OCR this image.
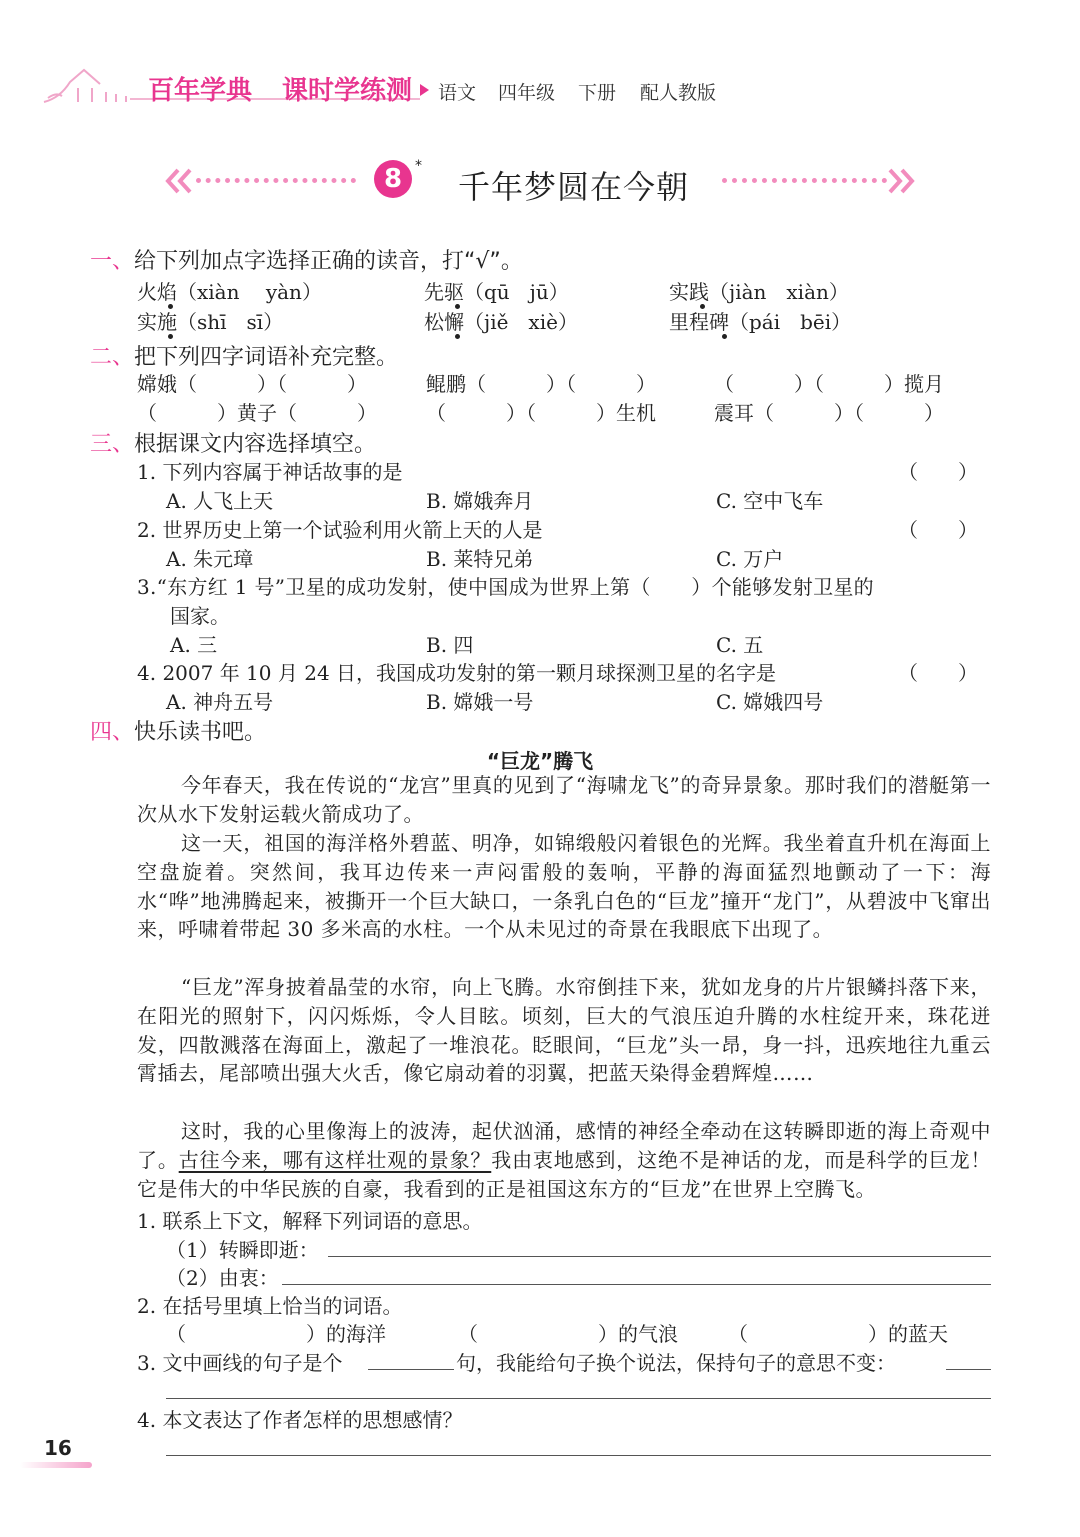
百年学典 课时学练测 语文 四年级 下册 配人教版
8 *
千年梦圆在今朝
一、给下列加点字选择正确的读音，打“√”。
火焰（xiàn　 yàn）	先驱（qū　jū）	实践（jiàn　xiàn）
实施（shī　sī）	松懈（jiě　xiè）	里程碑（pái　bēi）
二、把下列四字词语补充完整。
嫦娥（　　　）（　　　）	鲲鹏（　　　）（　　　）	（　　　）（　　　）揽月
（　　　）黄子（　　　） （　　　）（　　　）生机	震耳（　　　）（　　　）
三、根据课文内容选择填空。
1. 下列内容属于神话故事的是	（　　）
A. 人飞上天	B. 嫦娥奔月	C. 空中飞车
2. 世界历史上第一个试验利用火箭上天的人是	（　　）
A. 朱元璋	B. 莱特兄弟	C. 万户
3.“东方红 1 号”卫星的成功发射，使中国成为世界上第（　　）个能够发射卫星的
国家。
A. 三	B. 四	C. 五
4. 2007 年 10 月 24 日，我国成功发射的第一颗月球探测卫星的名字是	（　　）
A. 神舟五号	B. 嫦娥一号	C. 嫦娥四号
四、快乐读书吧。
“巨龙”腾飞
今年春天，我在传说的“龙宫”里真的见到了“海啸龙飞”的奇异景象。那时我们的潜艇第一次从水下发射运载火箭成功了。
这一天，祖国的海洋格外碧蓝、明净，如锦缎般闪着银色的光辉。我坐着直升机在海面上空盘旋着。突然间，我耳边传来一声闷雷般的轰响，平静的海面猛烈地颤动了一下：海水“哗”地沸腾起来，被撕开一个巨大缺口，一条乳白色的“巨龙”撞开“龙门”，从碧波中飞窜出来，呼啸着带起 30 多米高的水柱。一个从未见过的奇景在我眼底下出现了。
“巨龙”浑身披着晶莹的水帘，向上飞腾。水帘倒挂下来，犹如龙身的片片银鳞抖落下来，在阳光的照射下，闪闪烁烁，令人目眩。顷刻，巨大的气浪压迫升腾的水柱绽开来，珠花迸发，四散溅落在海面上，激起了一堆浪花。眨眼间，“巨龙”头一昂，身一抖，迅疾地往九重云霄插去，尾部喷出强大火舌，像它扇动着的羽翼，把蓝天染得金碧辉煌……
这时，我的心里像海上的波涛，起伏汹涌，感情的神经全牵动在这转瞬即逝的海上奇观中了。古往今来，哪有这样壮观的景象？我由衷地感到，这绝不是神话的龙，而是科学的巨龙！它是伟大的中华民族的自豪，我看到的正是祖国这东方的“巨龙”在世界上空腾飞。
1. 联系上下文，解释下列词语的意思。
（1）转瞬即逝：
（2）由衷：
2. 在括号里填上恰当的词语。
（　　　　　　）的海洋	（　　　　　　）的气浪	（　　　　　　）的蓝天
3. 文中画线的句子是个	句，我能给句子换个说法，保持句子的意思不变：
4. 本文表达了作者怎样的思想感情？
16
